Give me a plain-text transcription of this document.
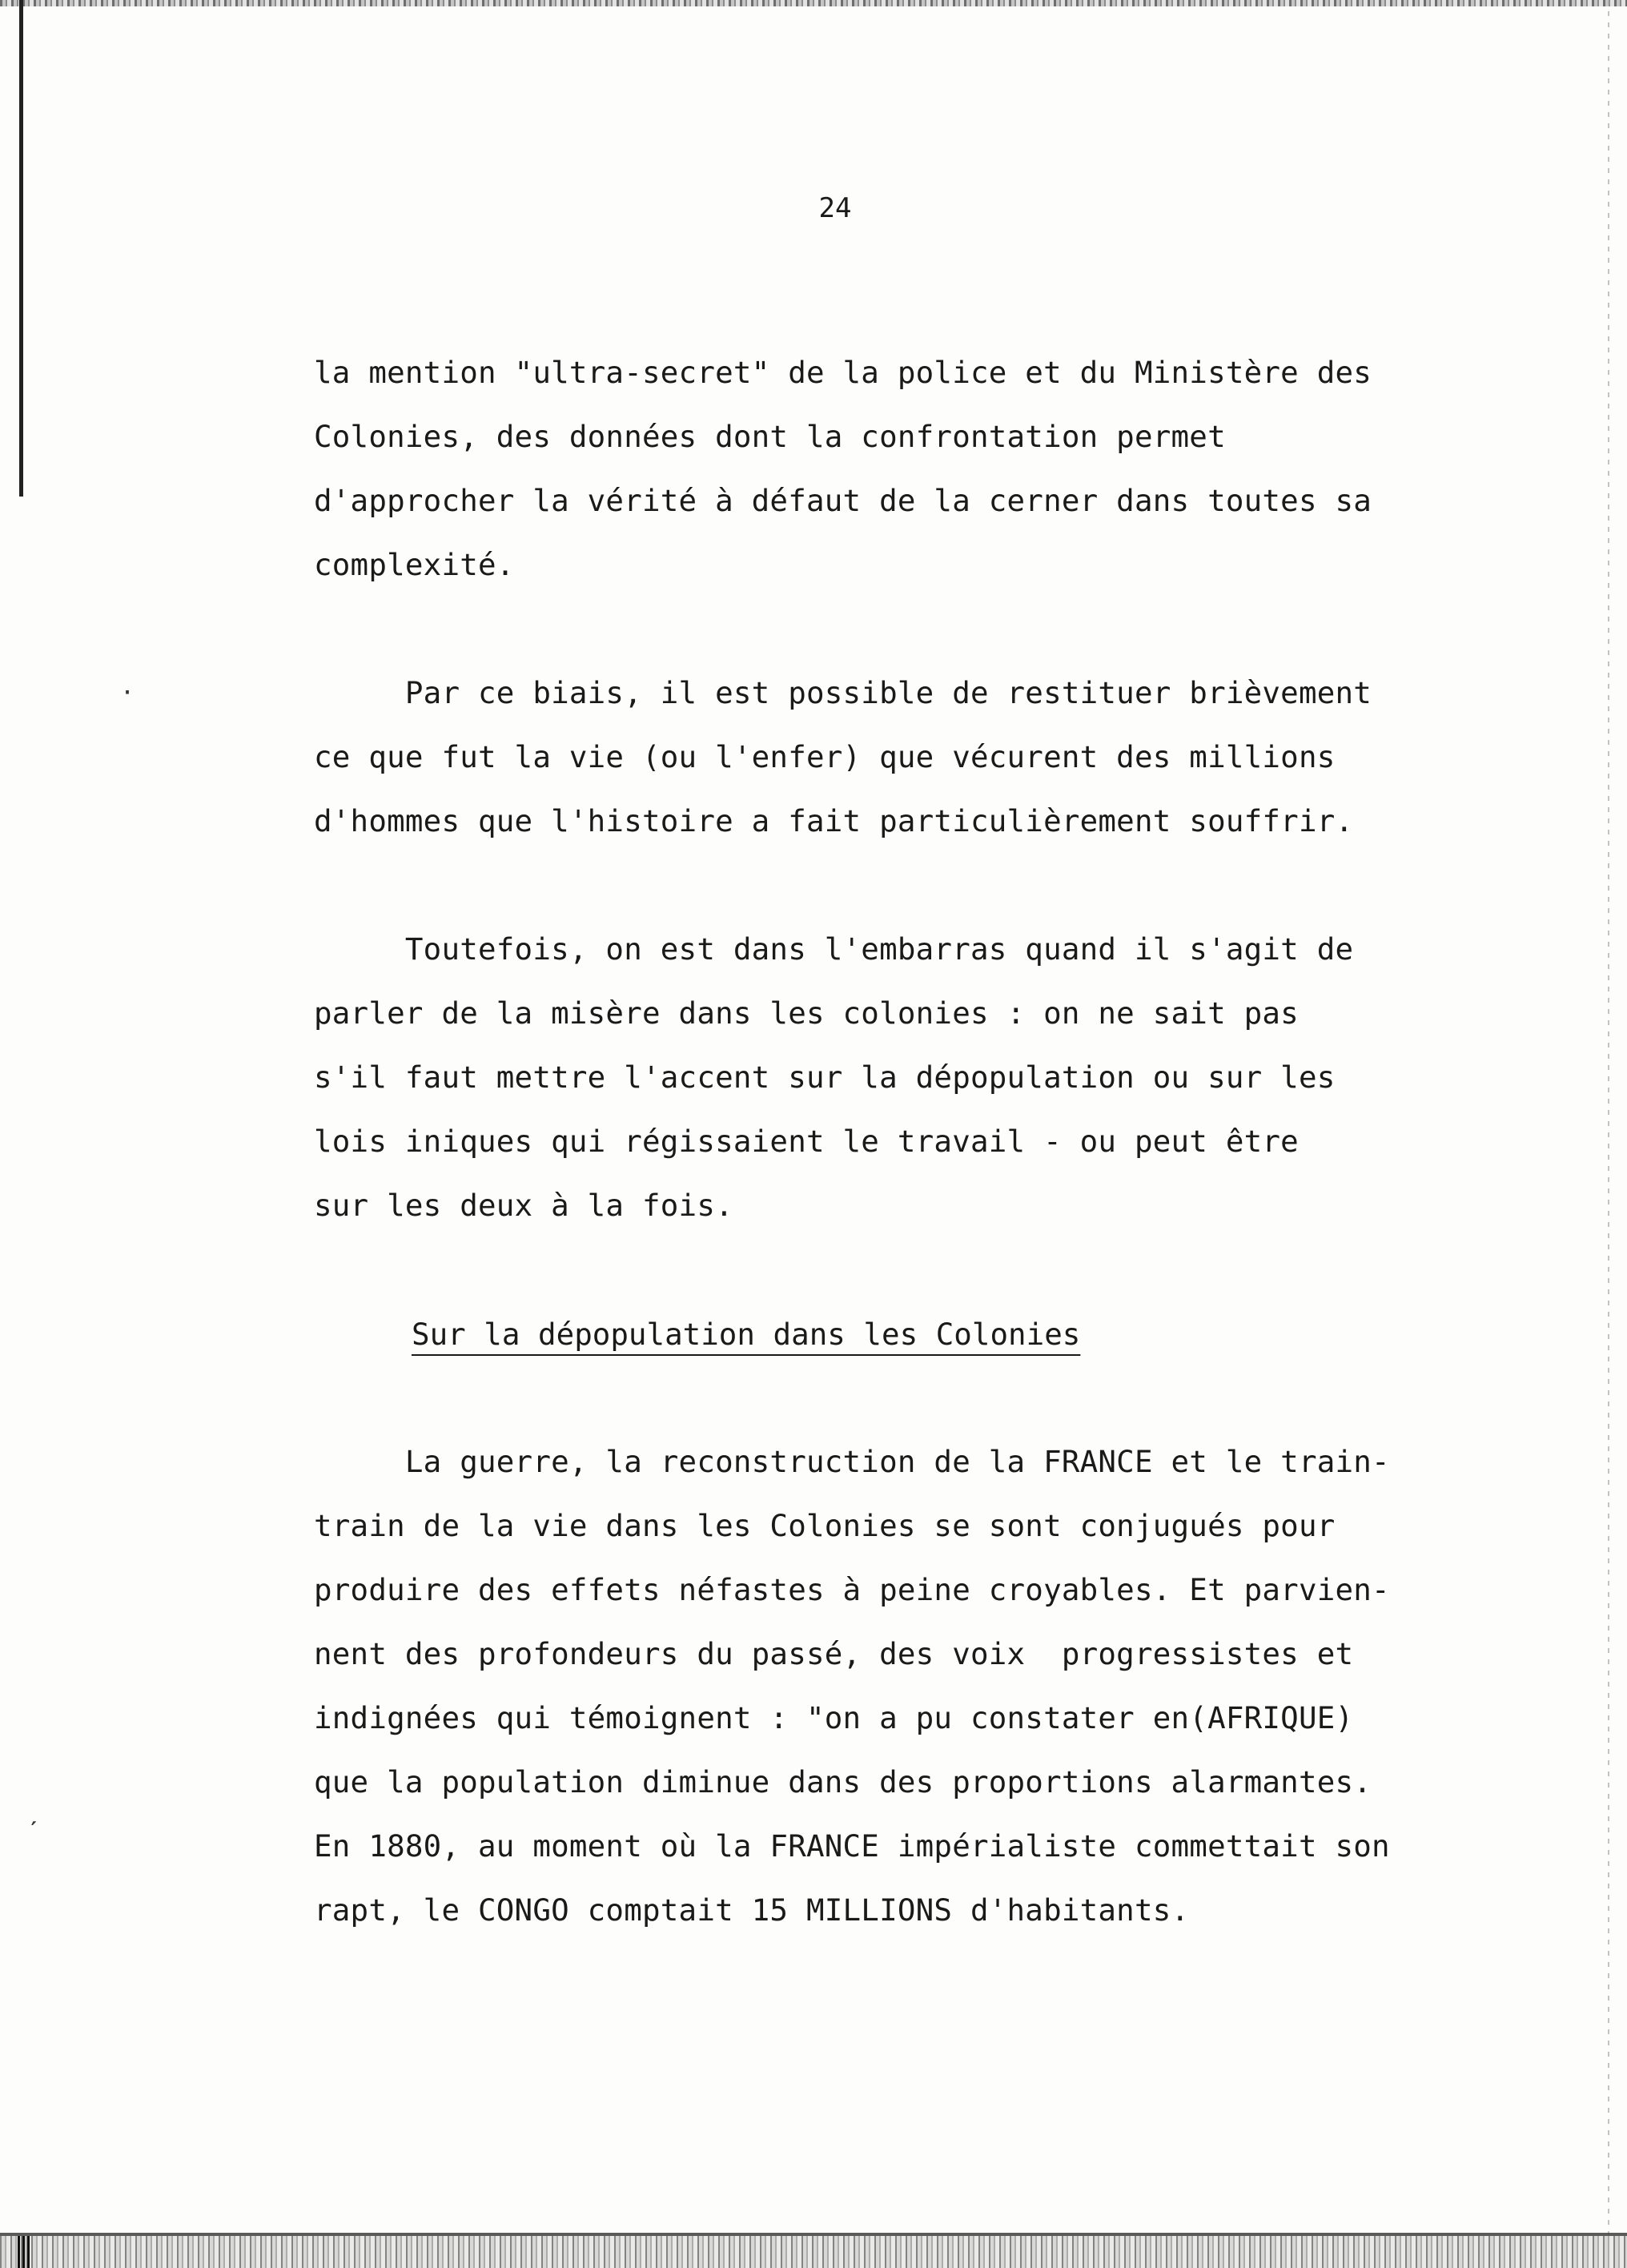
24
la mention "ultra-secret" de la police et du Ministère des
Colonies, des données dont la confrontation permet
d'approcher la vérité à défaut de la cerner dans toutes sa
complexité.
·	Par ce biais, il est possible de restituer brièvement
ce que fut la vie (ou l'enfer) que vécurent des millions
d'hommes que l'histoire a fait particulièrement souffrir.
Toutefois, on est dans l'embarras quand il s'agit de
parler de la misère dans les colonies : on ne sait pas
s'il faut mettre l'accent sur la dépopulation ou sur les
lois iniques qui régissaient le travail - ou peut être
sur les deux à la fois.
Sur la dépopulation dans les Colonies
La guerre, la reconstruction de la FRANCE et le train-
train de la vie dans les Colonies se sont conjugués pour
produire des effets néfastes à peine croyables. Et parvien-
nent des profondeurs du passé, des voix  progressistes et
indignées qui témoignent : "on a pu constater en(AFRIQUE)
que la population diminue dans des proportions alarmantes.
En 1880, au moment où la FRANCE impérialiste commettait son
rapt, le CONGO comptait 15 MILLIONS d'habitants.
ˊ
